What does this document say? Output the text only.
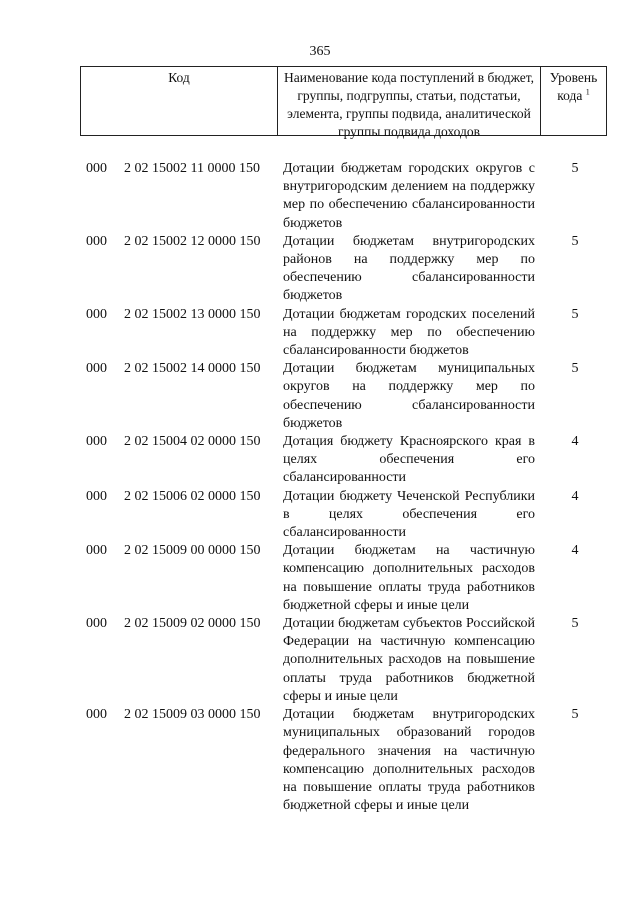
365
Код	Наименование кода поступлений в бюджет, группы, подгруппы, статьи, подстатьи, элемента, группы подвида, аналитической группы подвида доходов
Уровень кода $^1$
000 2 02 15002 11 0000 150 Дотации бюджетам городских округов с внутригородским делением на поддержку мер по обеспечению сбалансированности бюджетов
5
000 2 02 15002 12 0000 150 Дотации бюджетам внутригородских районов на поддержку мер по обеспечению сбалансированности бюджетов
5
000 2 02 15002 13 0000 150 Дотации бюджетам городских поселений на поддержку мер по обеспечению сбалансированности бюджетов
5
000 2 02 15002 14 0000 150 Дотации бюджетам муниципальных округов на поддержку мер по обеспечению сбалансированности бюджетов
5
000 2 02 15004 02 0000 150 Дотация бюджету Красноярского края в целях обеспечения его сбалансированности
4
000 2 02 15006 02 0000 150 Дотации бюджету Чеченской Республики в целях обеспечения его сбалансированности
4
000 2 02 15009 00 0000 150 Дотации бюджетам на частичную компенсацию дополнительных расходов на повышение оплаты труда работников бюджетной сферы и иные цели
4
000 2 02 15009 02 0000 150 Дотации бюджетам субъектов Российской Федерации на частичную компенсацию дополнительных расходов на повышение оплаты труда работников бюджетной сферы и иные цели
5
000 2 02 15009 03 0000 150 Дотации бюджетам внутригородских муниципальных образований городов федерального значения на частичную компенсацию дополнительных расходов на повышение оплаты труда работников бюджетной сферы и иные цели
5
